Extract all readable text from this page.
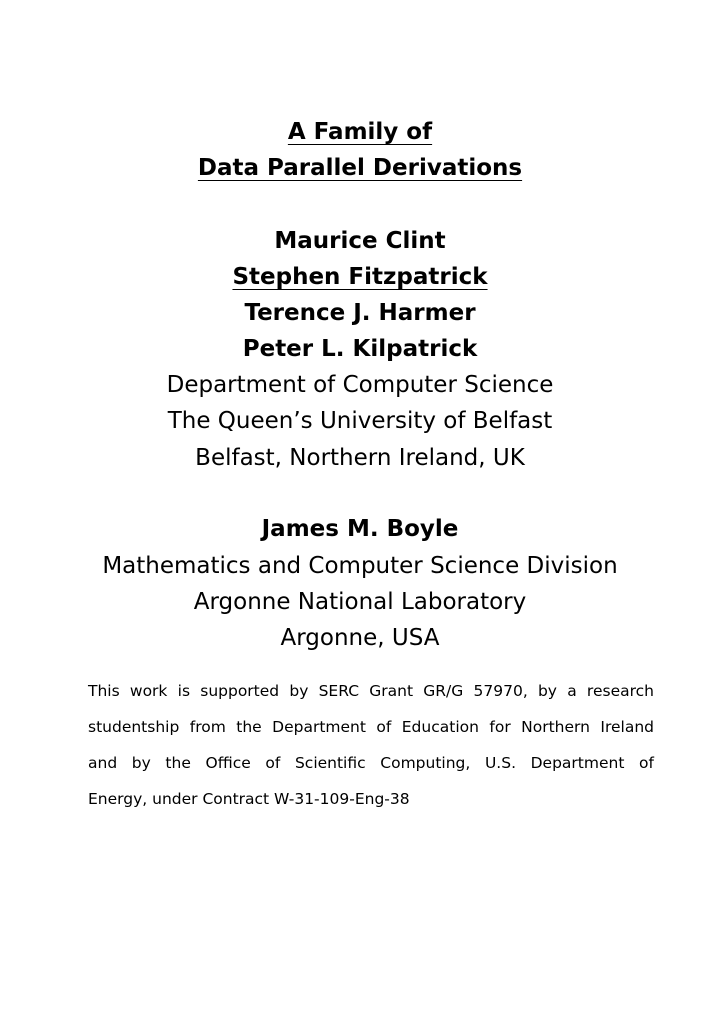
A Family of
Data Parallel Derivations
Maurice Clint
Stephen Fitzpatrick
Terence J. Harmer
Peter L. Kilpatrick
Department of Computer Science
The Queen’s University of Belfast
Belfast, Northern Ireland, UK
James M. Boyle
Mathematics and Computer Science Division
Argonne National Laboratory
Argonne, USA
This work is supported by SERC Grant GR/G 57970, by a research
studentship from the Department of Education for Northern Ireland
and by the Office of Scientific Computing, U.S. Department of
Energy, under Contract W-31-109-Eng-38
